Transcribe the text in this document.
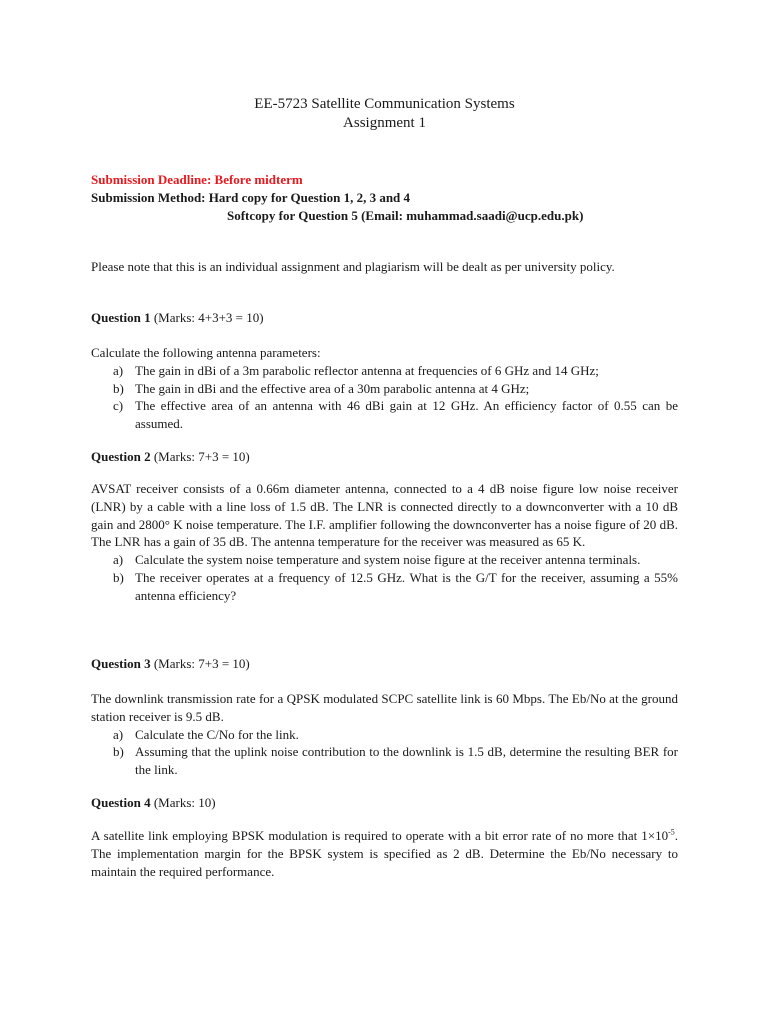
EE-5723 Satellite Communication Systems
Assignment 1
Submission Deadline: Before midterm
Submission Method: Hard copy for Question 1, 2, 3 and 4
Softcopy for Question 5 (Email: muhammad.saadi@ucp.edu.pk)
Please note that this is an individual assignment and plagiarism will be dealt as per university policy.
Question 1 (Marks: 4+3+3 = 10)
Calculate the following antenna parameters:
a) The gain in dBi of a 3m parabolic reflector antenna at frequencies of 6 GHz and 14 GHz;
b) The gain in dBi and the effective area of a 30m parabolic antenna at 4 GHz;
c) The effective area of an antenna with 46 dBi gain at 12 GHz. An efficiency factor of 0.55 can be assumed.
Question 2 (Marks: 7+3 = 10)
AVSAT receiver consists of a 0.66m diameter antenna, connected to a 4 dB noise figure low noise receiver (LNR) by a cable with a line loss of 1.5 dB. The LNR is connected directly to a downconverter with a 10 dB gain and 2800° K noise temperature. The I.F. amplifier following the downconverter has a noise figure of 20 dB. The LNR has a gain of 35 dB. The antenna temperature for the receiver was measured as 65 K.
a) Calculate the system noise temperature and system noise figure at the receiver antenna terminals.
b) The receiver operates at a frequency of 12.5 GHz. What is the G/T for the receiver, assuming a 55% antenna efficiency?
Question 3 (Marks: 7+3 = 10)
The downlink transmission rate for a QPSK modulated SCPC satellite link is 60 Mbps. The Eb/No at the ground station receiver is 9.5 dB.
a) Calculate the C/No for the link.
b) Assuming that the uplink noise contribution to the downlink is 1.5 dB, determine the resulting BER for the link.
Question 4 (Marks: 10)
A satellite link employing BPSK modulation is required to operate with a bit error rate of no more that $1\times 10^{-5}$. The implementation margin for the BPSK system is specified as 2 dB. Determine the Eb/No necessary to maintain the required performance.
